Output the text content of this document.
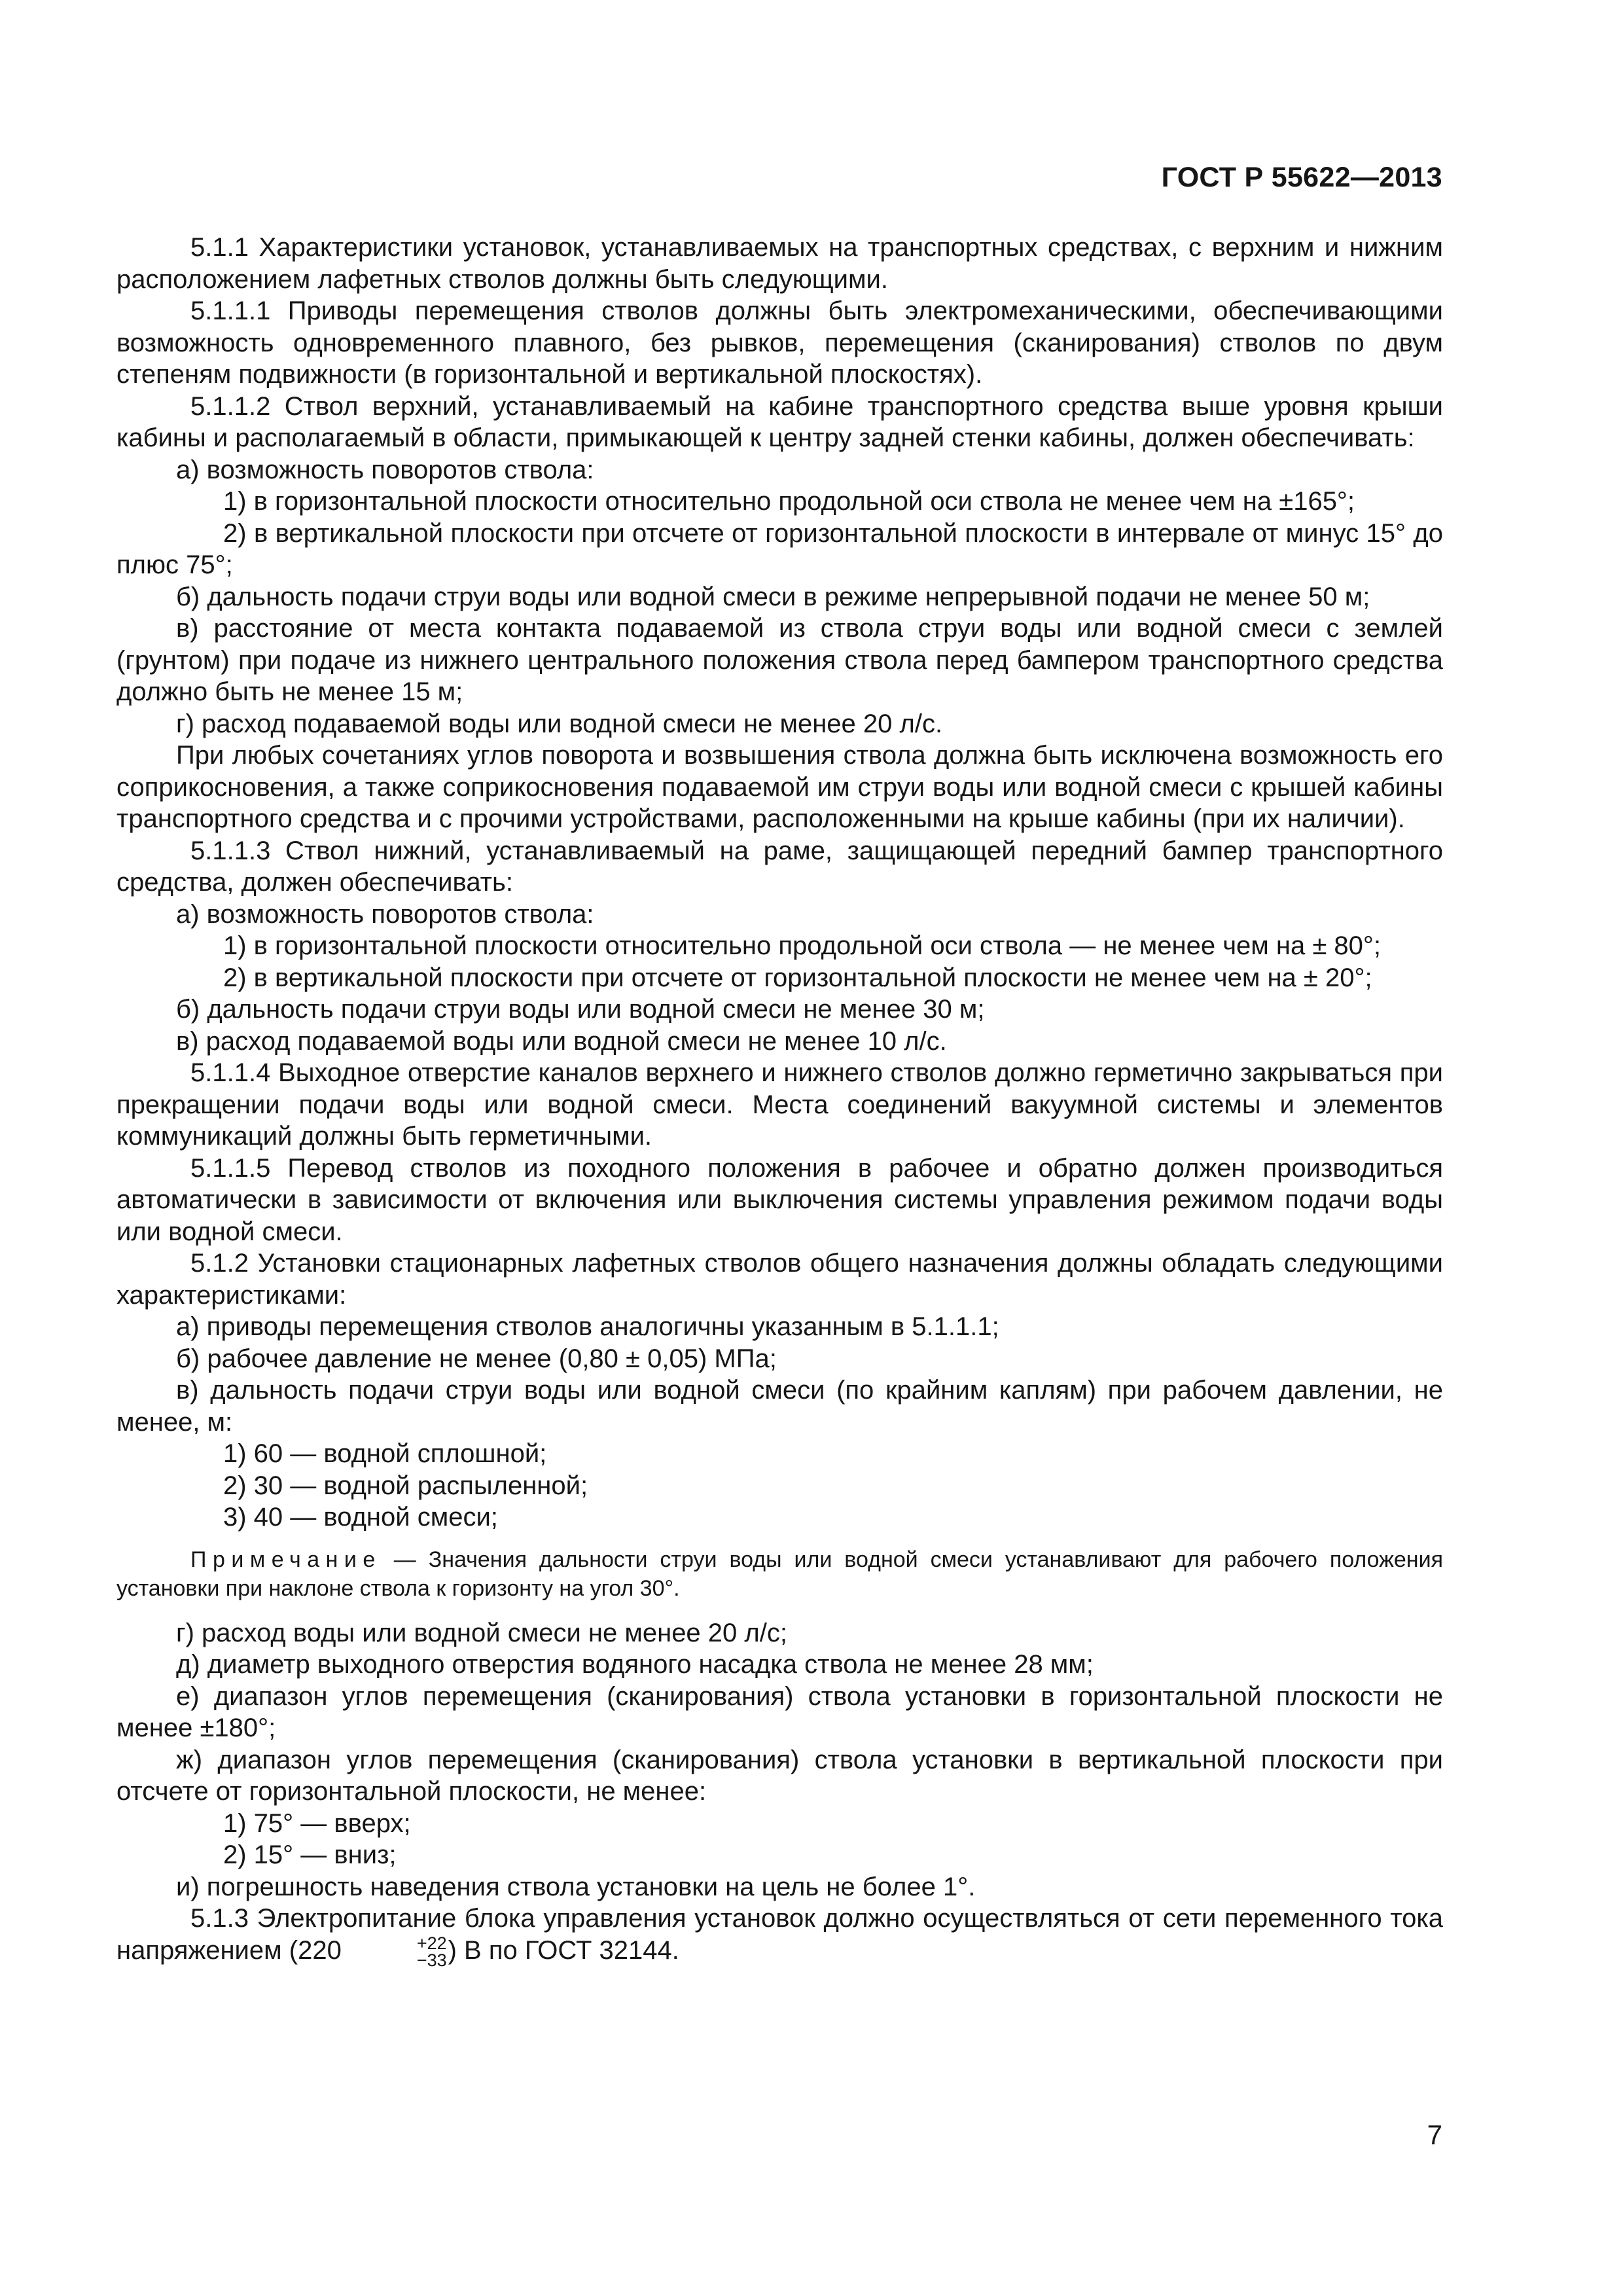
ГОСТ Р 55622—2013

5.1.1 Характеристики установок, устанавливаемых на транспортных средствах, с верхним и нижним расположением лафетных стволов должны быть следующими.

5.1.1.1 Приводы перемещения стволов должны быть электромеханическими, обеспечивающими возможность одновременного плавного, без рывков, перемещения (сканирования) стволов по двум степеням подвижности (в горизонтальной и вертикальной плоскостях).

5.1.1.2 Ствол верхний, устанавливаемый на кабине транспортного средства выше уровня крыши кабины и располагаемый в области, примыкающей к центру задней стенки кабины, должен обеспечивать:

а) возможность поворотов ствола:

1) в горизонтальной плоскости относительно продольной оси ствола не менее чем на ±165°;

2) в вертикальной плоскости при отсчете от горизонтальной плоскости в интервале от минус 15° до плюс 75°;

б) дальность подачи струи воды или водной смеси в режиме непрерывной подачи не менее 50 м;

в) расстояние от места контакта подаваемой из ствола струи воды или водной смеси с землей (грунтом) при подаче из нижнего центрального положения ствола перед бампером транспортного средства должно быть не менее 15 м;

г) расход подаваемой воды или водной смеси не менее 20 л/с.

При любых сочетаниях углов поворота и возвышения ствола должна быть исключена возможность его соприкосновения, а также соприкосновения подаваемой им струи воды или водной смеси с крышей кабины транспортного средства и с прочими устройствами, расположенными на крыше кабины (при их наличии).

5.1.1.3 Ствол нижний, устанавливаемый на раме, защищающей передний бампер транспортного средства, должен обеспечивать:

а) возможность поворотов ствола:

1) в горизонтальной плоскости относительно продольной оси ствола — не менее чем на ± 80°;

2) в вертикальной плоскости при отсчете от горизонтальной плоскости не менее чем на ± 20°;

б) дальность подачи струи воды или водной смеси не менее 30 м;

в) расход подаваемой воды или водной смеси не менее 10 л/с.

5.1.1.4 Выходное отверстие каналов верхнего и нижнего стволов должно герметично закрываться при прекращении подачи воды или водной смеси. Места соединений вакуумной системы и элементов коммуникаций должны быть герметичными.

5.1.1.5 Перевод стволов из походного положения в рабочее и обратно должен производиться автоматически в зависимости от включения или выключения системы управления режимом подачи воды или водной смеси.

5.1.2 Установки стационарных лафетных стволов общего назначения должны обладать следующими характеристиками:

а) приводы перемещения стволов аналогичны указанным в 5.1.1.1;

б) рабочее давление не менее (0,80 ± 0,05) МПа;

в) дальность подачи струи воды или водной смеси (по крайним каплям) при рабочем давлении, не менее, м:

1) 60 — водной сплошной;

2) 30 — водной распыленной;

3) 40 — водной смеси;

Примечание — Значения дальности струи воды или водной смеси устанавливают для рабочего положения установки при наклоне ствола к горизонту на угол 30°.

г) расход воды или водной смеси не менее 20 л/с;

д) диаметр выходного отверстия водяного насадка ствола не менее 28 мм;

е) диапазон углов перемещения (сканирования) ствола установки в горизонтальной плоскости не менее ±180°;

ж) диапазон углов перемещения (сканирования) ствола установки в вертикальной плоскости при отсчете от горизонтальной плоскости, не менее:

1) 75° — вверх;

2) 15° — вниз;

и) погрешность наведения ствола установки на цель не более 1°.

5.1.3 Электропитание блока управления установок должно осуществляться от сети переменного тока напряжением (220	+22
−33 ) В по ГОСТ 32144.

7
